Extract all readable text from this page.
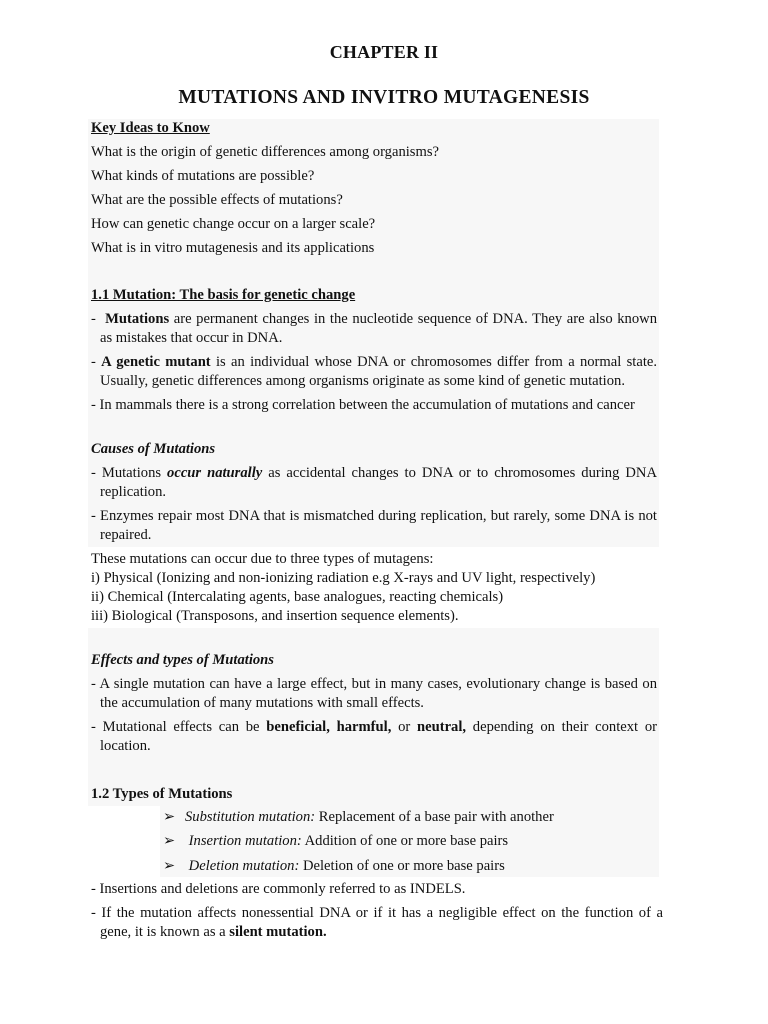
CHAPTER II
MUTATIONS AND INVITRO MUTAGENESIS
Key Ideas to Know
What is the origin of genetic differences among organisms?
What kinds of mutations are possible?
What are the possible effects of mutations?
How can genetic change occur on a larger scale?
What is in vitro mutagenesis and its applications
1.1 Mutation: The basis for genetic change
-  Mutations are permanent changes in the nucleotide sequence of DNA. They are also known as mistakes that occur in DNA.
- A genetic mutant is an individual whose DNA or chromosomes differ from a normal state. Usually, genetic differences among organisms originate as some kind of genetic mutation.
- In mammals there is a strong correlation between the accumulation of mutations and cancer
Causes of Mutations
- Mutations occur naturally as accidental changes to DNA or to chromosomes during DNA replication.
- Enzymes repair most DNA that is mismatched during replication, but rarely, some DNA is not repaired.
These mutations can occur due to three types of mutagens:
i) Physical (Ionizing and non-ionizing radiation e.g X-rays and UV light, respectively)
ii) Chemical (Intercalating agents, base analogues, reacting chemicals)
iii) Biological (Transposons, and insertion sequence elements).
Effects and types of Mutations
- A single mutation can have a large effect, but in many cases, evolutionary change is based on the accumulation of many mutations with small effects.
- Mutational effects can be beneficial, harmful, or neutral, depending on their context or location.
1.2 Types of Mutations
➢ Substitution mutation: Replacement of a base pair with another
➢ Insertion mutation: Addition of one or more base pairs
➢ Deletion mutation: Deletion of one or more base pairs
- Insertions and deletions are commonly referred to as INDELS.
- If the mutation affects nonessential DNA or if it has a negligible effect on the function of a gene, it is known as a silent mutation.
